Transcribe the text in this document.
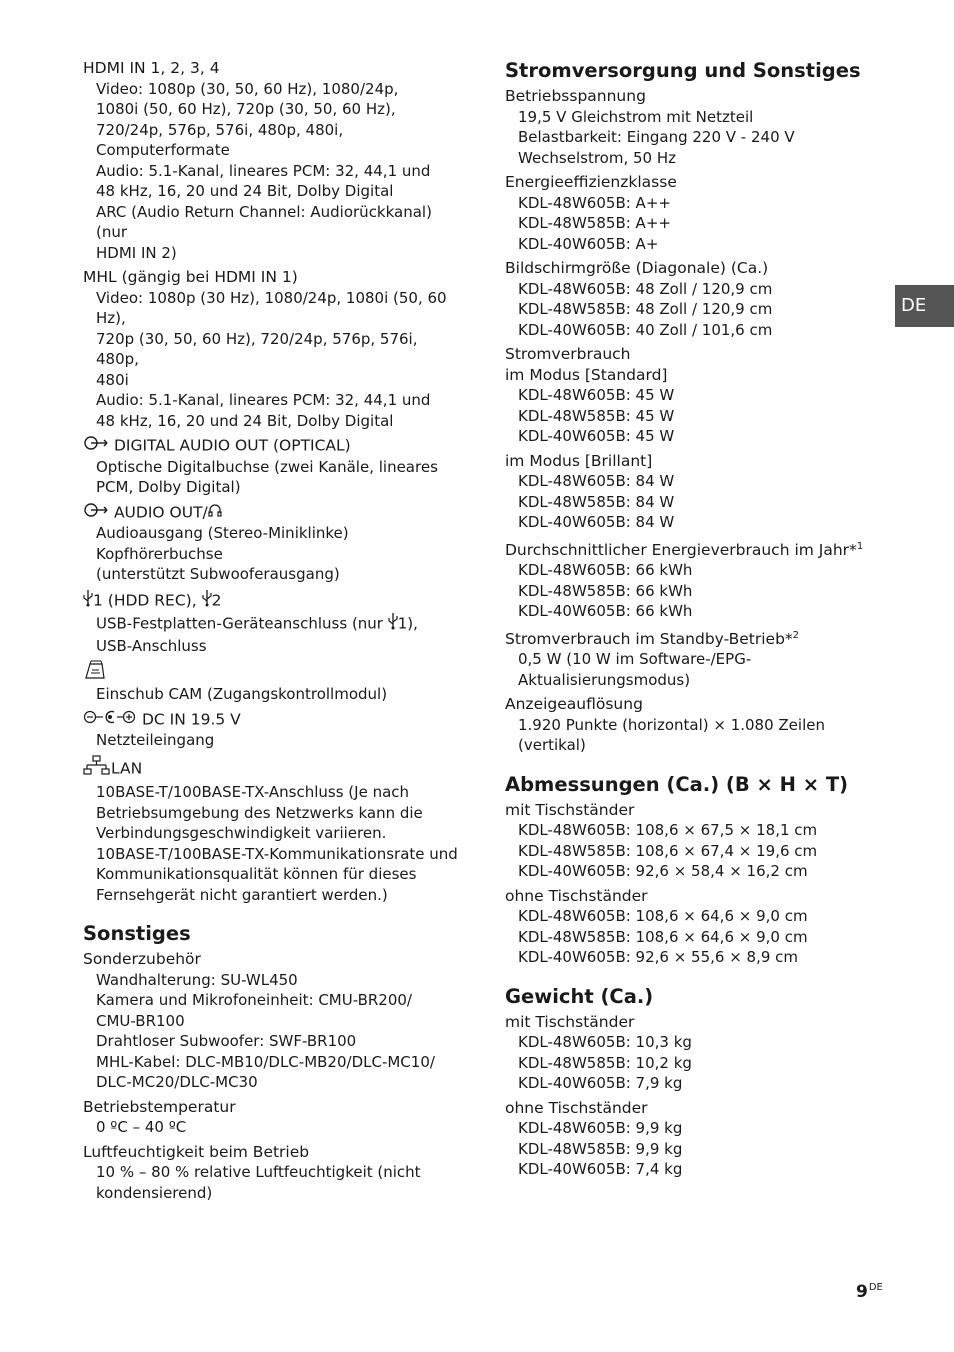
HDMI IN 1, 2, 3, 4
Video: 1080p (30, 50, 60 Hz), 1080/24p,
1080i (50, 60 Hz), 720p (30, 50, 60 Hz),
720/24p, 576p, 576i, 480p, 480i,
Computerformate
Audio: 5.1-Kanal, lineares PCM: 32, 44,1 und
48 kHz, 16, 20 und 24 Bit, Dolby Digital
ARC (Audio Return Channel: Audiorückkanal) (nur
HDMI IN 2)
MHL (gängig bei HDMI IN 1)
Video: 1080p (30 Hz), 1080/24p, 1080i (50, 60 Hz),
720p (30, 50, 60 Hz), 720/24p, 576p, 576i, 480p,
480i
Audio: 5.1-Kanal, lineares PCM: 32, 44,1 und
48 kHz, 16, 20 und 24 Bit, Dolby Digital
DIGITAL AUDIO OUT (OPTICAL)
Optische Digitalbuchse (zwei Kanäle, lineares
PCM, Dolby Digital)
AUDIO OUT/
Audioausgang (Stereo-Miniklinke)
Kopfhörerbuchse
(unterstützt Subwooferausgang)
1 (HDD REC), 2
USB-Festplatten-Geräteanschluss (nur 1),
USB-Anschluss
Einschub CAM (Zugangskontrollmodul)
DC IN 19.5 V
Netzteileingang
LAN
10BASE-T/100BASE-TX-Anschluss (Je nach
Betriebsumgebung des Netzwerks kann die
Verbindungsgeschwindigkeit variieren.
10BASE-T/100BASE-TX-Kommunikationsrate und
Kommunikationsqualität können für dieses
Fernsehgerät nicht garantiert werden.)
Sonstiges
Sonderzubehör
Wandhalterung: SU-WL450
Kamera und Mikrofoneinheit: CMU-BR200/
CMU-BR100
Drahtloser Subwoofer: SWF-BR100
MHL-Kabel: DLC-MB10/DLC-MB20/DLC-MC10/
DLC-MC20/DLC-MC30
Betriebstemperatur
0 ºC – 40 ºC
Luftfeuchtigkeit beim Betrieb
10 % – 80 % relative Luftfeuchtigkeit (nicht
kondensierend)
Stromversorgung und Sonstiges
Betriebsspannung
19,5 V Gleichstrom mit Netzteil
Belastbarkeit: Eingang 220 V - 240 V
Wechselstrom, 50 Hz
Energieeffizienzklasse
KDL-48W605B: A++
KDL-48W585B: A++
KDL-40W605B: A+
Bildschirmgröße (Diagonale) (Ca.)
KDL-48W605B: 48 Zoll / 120,9 cm
KDL-48W585B: 48 Zoll / 120,9 cm
KDL-40W605B: 40 Zoll / 101,6 cm
Stromverbrauch
im Modus [Standard]
KDL-48W605B: 45 W
KDL-48W585B: 45 W
KDL-40W605B: 45 W
im Modus [Brillant]
KDL-48W605B: 84 W
KDL-48W585B: 84 W
KDL-40W605B: 84 W
Durchschnittlicher Energieverbrauch im Jahr*$^1$
KDL-48W605B: 66 kWh
KDL-48W585B: 66 kWh
KDL-40W605B: 66 kWh
Stromverbrauch im Standby-Betrieb*$^2$
0,5 W (10 W im Software-/EPG-
Aktualisierungsmodus)
Anzeigeauflösung
1.920 Punkte (horizontal) × 1.080 Zeilen (vertikal)
Abmessungen (Ca.) (B × H × T)
mit Tischständer
KDL-48W605B: 108,6 × 67,5 × 18,1 cm
KDL-48W585B: 108,6 × 67,4 × 19,6 cm
KDL-40W605B: 92,6 × 58,4 × 16,2 cm
ohne Tischständer
KDL-48W605B: 108,6 × 64,6 × 9,0 cm
KDL-48W585B: 108,6 × 64,6 × 9,0 cm
KDL-40W605B: 92,6 × 55,6 × 8,9 cm
Gewicht (Ca.)
mit Tischständer
KDL-48W605B: 10,3 kg
KDL-48W585B: 10,2 kg
KDL-40W605B: 7,9 kg
ohne Tischständer
KDL-48W605B: 9,9 kg
KDL-48W585B: 9,9 kg
KDL-40W605B: 7,4 kg
DE
9DE
